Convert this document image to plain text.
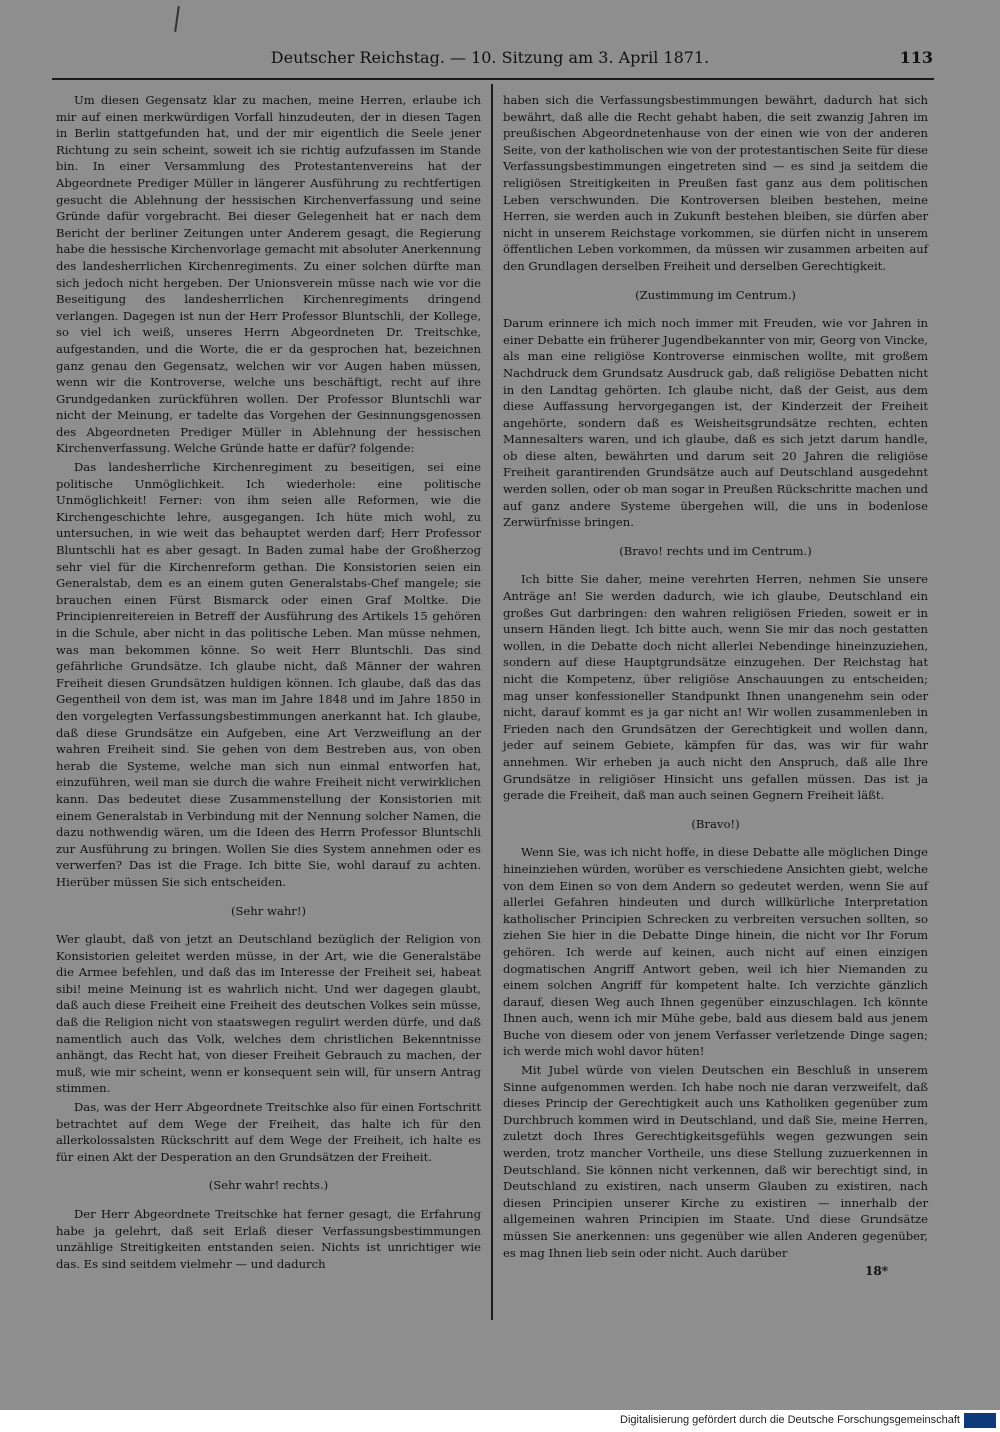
Deutscher Reichstag. — 10. Sitzung am 3. April 1871.	113

Um diesen Gegensatz klar zu machen, meine Herren, erlaube ich mir auf einen merkwürdigen Vorfall hinzudeuten, der in diesen Tagen in Berlin stattgefunden hat, und der mir eigentlich die Seele jener Richtung zu sein scheint, soweit ich sie richtig aufzufassen im Stande bin. In einer Versammlung des Protestantenvereins hat der Abgeordnete Prediger Müller in längerer Ausführung zu rechtfertigen gesucht die Ablehnung der hessischen Kirchenverfassung und seine Gründe dafür vorgebracht. Bei dieser Gelegenheit hat er nach dem Bericht der berliner Zeitungen unter Anderem gesagt, die Regierung habe die hessische Kirchenvorlage gemacht mit absoluter Anerkennung des landesherrlichen Kirchenregiments. Zu einer solchen dürfte man sich jedoch nicht hergeben. Der Unionsverein müsse nach wie vor die Beseitigung des landesherrlichen Kirchenregiments dringend verlangen. Dagegen ist nun der Herr Professor Bluntschli, der Kollege, so viel ich weiß, unseres Herrn Abgeordneten Dr. Treitschke, aufgestanden, und die Worte, die er da gesprochen hat, bezeichnen ganz genau den Gegensatz, welchen wir vor Augen haben müssen, wenn wir die Kontroverse, welche uns beschäftigt, recht auf ihre Grundgedanken zurückführen wollen. Der Professor Bluntschli war nicht der Meinung, er tadelte das Vorgehen der Gesinnungsgenossen des Abgeordneten Prediger Müller in Ablehnung der hessischen Kirchenverfassung. Welche Gründe hatte er dafür? folgende:

Das landesherrliche Kirchenregiment zu beseitigen, sei eine politische Unmöglichkeit. Ich wiederhole: eine politische Unmöglichkeit! Ferner: von ihm seien alle Reformen, wie die Kirchengeschichte lehre, ausgegangen. Ich hüte mich wohl, zu untersuchen, in wie weit das behauptet werden darf; Herr Professor Bluntschli hat es aber gesagt. In Baden zumal habe der Großherzog sehr viel für die Kirchenreform gethan. Die Konsistorien seien ein Generalstab, dem es an einem guten Generalstabs-Chef mangele; sie brauchen einen Fürst Bismarck oder einen Graf Moltke. Die Principienreitereien in Betreff der Ausführung des Artikels 15 gehören in die Schule, aber nicht in das politische Leben. Man müsse nehmen, was man bekommen könne. So weit Herr Bluntschli. Das sind gefährliche Grundsätze. Ich glaube nicht, daß Männer der wahren Freiheit diesen Grundsätzen huldigen können. Ich glaube, daß das das Gegentheil von dem ist, was man im Jahre 1848 und im Jahre 1850 in den vorgelegten Verfassungsbestimmungen anerkannt hat. Ich glaube, daß diese Grundsätze ein Aufgeben, eine Art Verzweiflung an der wahren Freiheit sind. Sie gehen von dem Bestreben aus, von oben herab die Systeme, welche man sich nun einmal entworfen hat, einzuführen, weil man sie durch die wahre Freiheit nicht verwirklichen kann. Das bedeutet diese Zusammenstellung der Konsistorien mit einem Generalstab in Verbindung mit der Nennung solcher Namen, die dazu nothwendig wären, um die Ideen des Herrn Professor Bluntschli zur Ausführung zu bringen. Wollen Sie dies System annehmen oder es verwerfen? Das ist die Frage. Ich bitte Sie, wohl darauf zu achten. Hierüber müssen Sie sich entscheiden.

(Sehr wahr!)

Wer glaubt, daß von jetzt an Deutschland bezüglich der Religion von Konsistorien geleitet werden müsse, in der Art, wie die Generalstäbe die Armee befehlen, und daß das im Interesse der Freiheit sei, habeat sibi! meine Meinung ist es wahrlich nicht. Und wer dagegen glaubt, daß auch diese Freiheit eine Freiheit des deutschen Volkes sein müsse, daß die Religion nicht von staatswegen regulirt werden dürfe, und daß namentlich auch das Volk, welches dem christlichen Bekenntnisse anhängt, das Recht hat, von dieser Freiheit Gebrauch zu machen, der muß, wie mir scheint, wenn er konsequent sein will, für unsern Antrag stimmen.

Das, was der Herr Abgeordnete Treitschke also für einen Fortschritt betrachtet auf dem Wege der Freiheit, das halte ich für den allerkolossalsten Rückschritt auf dem Wege der Freiheit, ich halte es für einen Akt der Desperation an den Grundsätzen der Freiheit.

(Sehr wahr! rechts.)

Der Herr Abgeordnete Treitschke hat ferner gesagt, die Erfahrung habe ja gelehrt, daß seit Erlaß dieser Verfassungsbestimmungen unzählige Streitigkeiten entstanden seien. Nichts ist unrichtiger wie das. Es sind seitdem vielmehr — und dadurch

haben sich die Verfassungsbestimmungen bewährt, dadurch hat sich bewährt, daß alle die Recht gehabt haben, die seit zwanzig Jahren im preußischen Abgeordnetenhause von der einen wie von der anderen Seite, von der katholischen wie von der protestantischen Seite für diese Verfassungsbestimmungen eingetreten sind — es sind ja seitdem die religiösen Streitigkeiten in Preußen fast ganz aus dem politischen Leben verschwunden. Die Kontroversen bleiben bestehen, meine Herren, sie werden auch in Zukunft bestehen bleiben, sie dürfen aber nicht in unserem Reichstage vorkommen, sie dürfen nicht in unserem öffentlichen Leben vorkommen, da müssen wir zusammen arbeiten auf den Grundlagen derselben Freiheit und derselben Gerechtigkeit.

(Zustimmung im Centrum.)

Darum erinnere ich mich noch immer mit Freuden, wie vor Jahren in einer Debatte ein früherer Jugendbekannter von mir, Georg von Vincke, als man eine religiöse Kontroverse einmischen wollte, mit großem Nachdruck dem Grundsatz Ausdruck gab, daß religiöse Debatten nicht in den Landtag gehörten. Ich glaube nicht, daß der Geist, aus dem diese Auffassung hervorgegangen ist, der Kinderzeit der Freiheit angehörte, sondern daß es Weisheitsgrundsätze rechten, echten Mannesalters waren, und ich glaube, daß es sich jetzt darum handle, ob diese alten, bewährten und darum seit 20 Jahren die religiöse Freiheit garantirenden Grundsätze auch auf Deutschland ausgedehnt werden sollen, oder ob man sogar in Preußen Rückschritte machen und auf ganz andere Systeme übergehen will, die uns in bodenlose Zerwürfnisse bringen.

(Bravo! rechts und im Centrum.)

Ich bitte Sie daher, meine verehrten Herren, nehmen Sie unsere Anträge an! Sie werden dadurch, wie ich glaube, Deutschland ein großes Gut darbringen: den wahren religiösen Frieden, soweit er in unsern Händen liegt. Ich bitte auch, wenn Sie mir das noch gestatten wollen, in die Debatte doch nicht allerlei Nebendinge hineinzuziehen, sondern auf diese Hauptgrundsätze einzugehen. Der Reichstag hat nicht die Kompetenz, über religiöse Anschauungen zu entscheiden; mag unser konfessioneller Standpunkt Ihnen unangenehm sein oder nicht, darauf kommt es ja gar nicht an! Wir wollen zusammenleben in Frieden nach den Grundsätzen der Gerechtigkeit und wollen dann, jeder auf seinem Gebiete, kämpfen für das, was wir für wahr annehmen. Wir erheben ja auch nicht den Anspruch, daß alle Ihre Grundsätze in religiöser Hinsicht uns gefallen müssen. Das ist ja gerade die Freiheit, daß man auch seinen Gegnern Freiheit läßt.

(Bravo!)

Wenn Sie, was ich nicht hoffe, in diese Debatte alle möglichen Dinge hineinziehen würden, worüber es verschiedene Ansichten giebt, welche von dem Einen so von dem Andern so gedeutet werden, wenn Sie auf allerlei Gefahren hindeuten und durch willkürliche Interpretation katholischer Principien Schrecken zu verbreiten versuchen sollten, so ziehen Sie hier in die Debatte Dinge hinein, die nicht vor Ihr Forum gehören. Ich werde auf keinen, auch nicht auf einen einzigen dogmatischen Angriff Antwort geben, weil ich hier Niemanden zu einem solchen Angriff für kompetent halte. Ich verzichte gänzlich darauf, diesen Weg auch Ihnen gegenüber einzuschlagen. Ich könnte Ihnen auch, wenn ich mir Mühe gebe, bald aus diesem bald aus jenem Buche von diesem oder von jenem Verfasser verletzende Dinge sagen; ich werde mich wohl davor hüten!

Mit Jubel würde von vielen Deutschen ein Beschluß in unserem Sinne aufgenommen werden. Ich habe noch nie daran verzweifelt, daß dieses Princip der Gerechtigkeit auch uns Katholiken gegenüber zum Durchbruch kommen wird in Deutschland, und daß Sie, meine Herren, zuletzt doch Ihres Gerechtigkeitsgefühls wegen gezwungen sein werden, trotz mancher Vortheile, uns diese Stellung zuzuerkennen in Deutschland. Sie können nicht verkennen, daß wir berechtigt sind, in Deutschland zu existiren, nach unserm Glauben zu existiren, nach diesen Principien unserer Kirche zu existiren — innerhalb der allgemeinen wahren Principien im Staate. Und diese Grundsätze müssen Sie anerkennen: uns gegenüber wie allen Anderen gegenüber, es mag Ihnen lieb sein oder nicht. Auch darüber

18*

Digitalisierung gefördert durch die Deutsche Forschungsgemeinschaft
